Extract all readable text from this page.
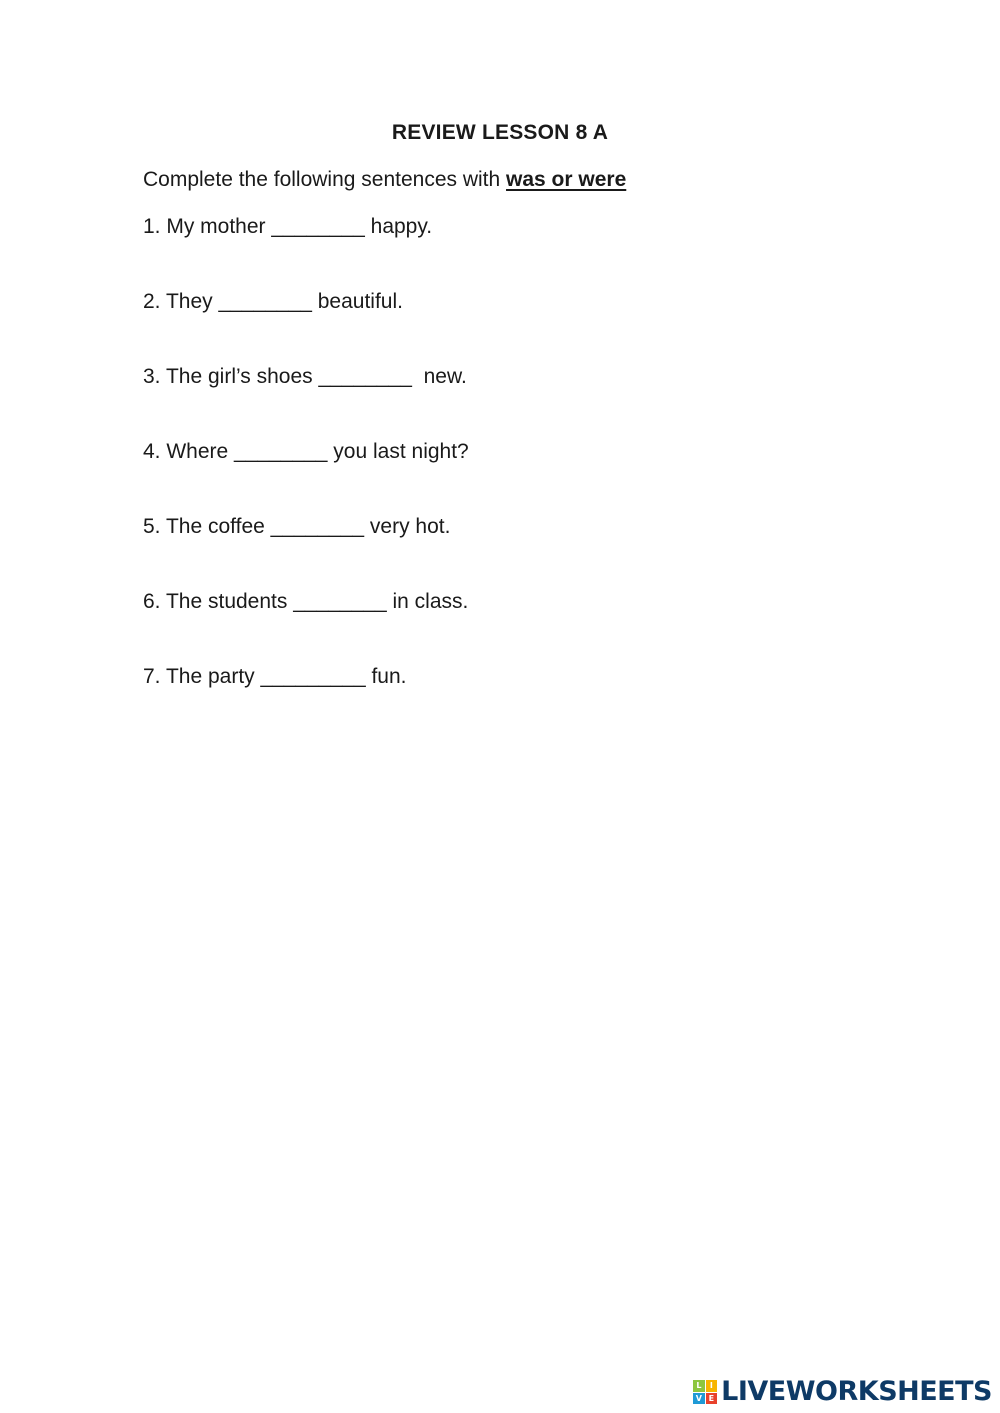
REVIEW LESSON 8 A
Complete the following sentences with was or were
1. My mother ________ happy.
2. They ________ beautiful.
3. The girl’s shoes ________  new.
4. Where ________ you last night?
5. The coffee ________ very hot.
6. The students ________ in class.
7. The party _________ fun.
L	I
V E LIVEWORKSHEETS
